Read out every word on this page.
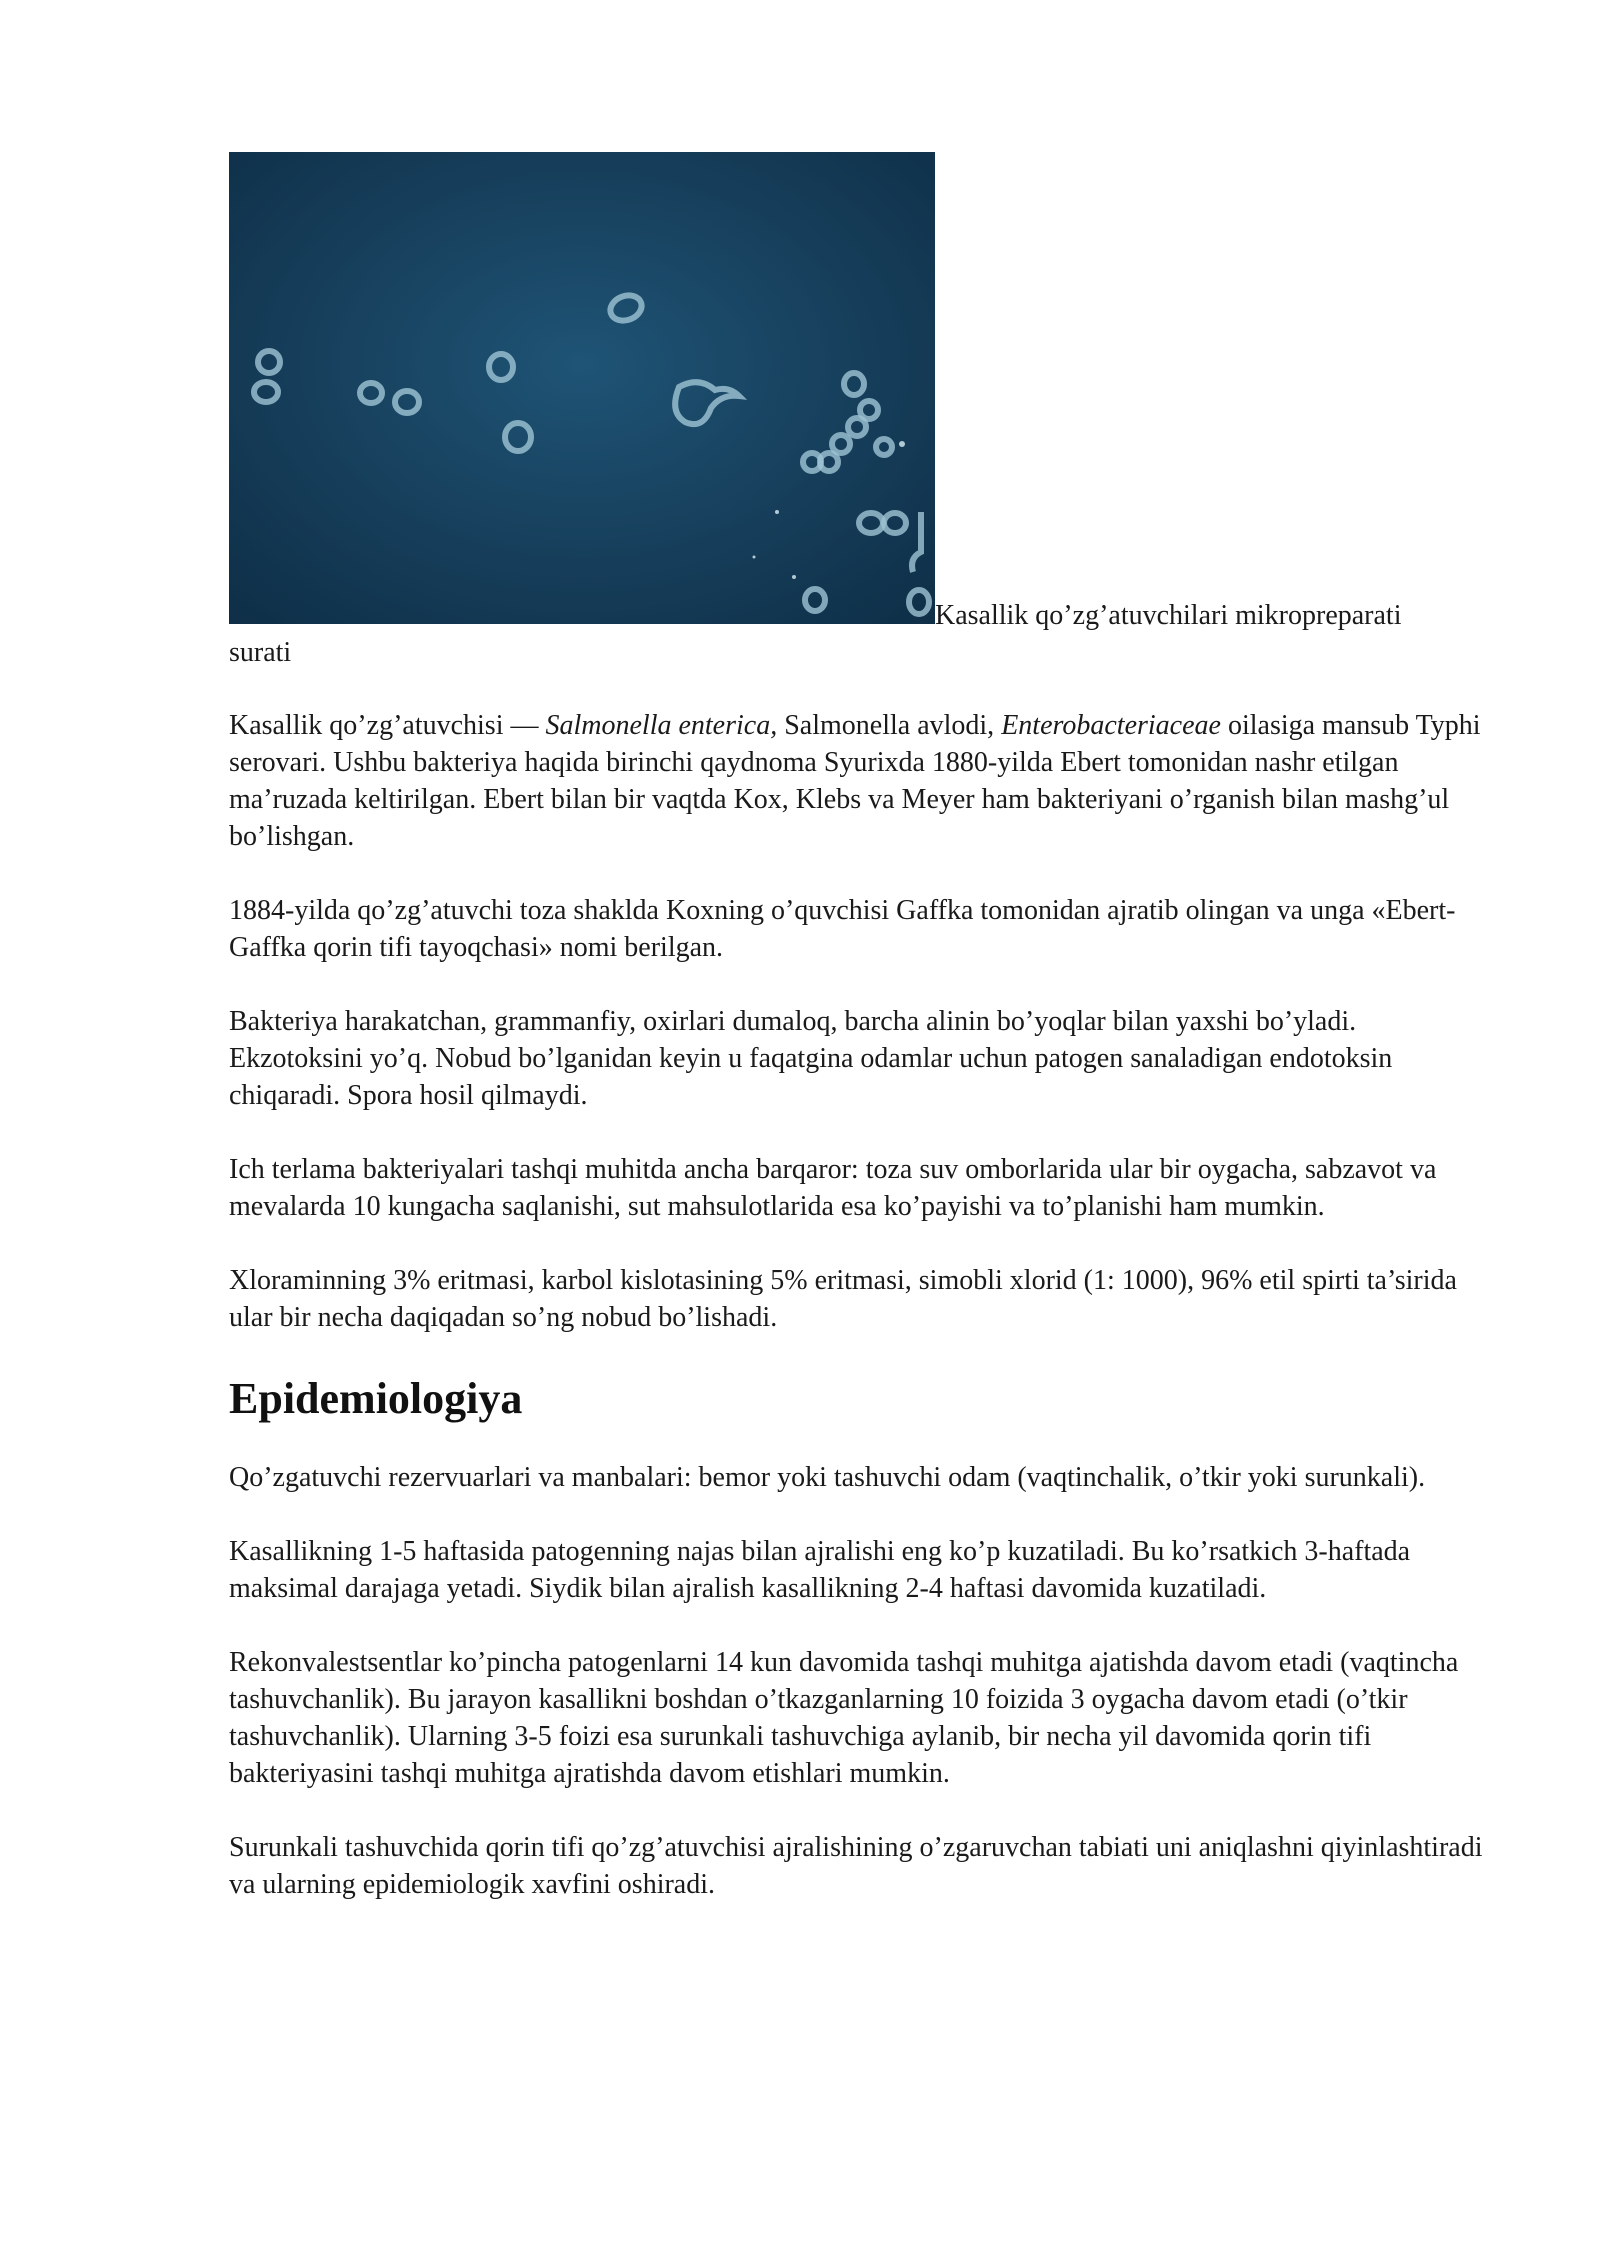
Kasallik qo’zg’atuvchilari mikropreparati
surati

Kasallik qo’zg’atuvchisi — Salmonella enterica, Salmonella avlodi, Enterobacteriaceae oilasiga mansub Typhi serovari. Ushbu bakteriya haqida birinchi qaydnoma Syurixda 1880-yilda Ebert tomonidan nashr etilgan ma’ruzada keltirilgan. Ebert bilan bir vaqtda Kox, Klebs va Meyer ham bakteriyani o’rganish bilan mashg’ul bo’lishgan.

1884-yilda qo’zg’atuvchi toza shaklda Koxning o’quvchisi Gaffka tomonidan ajratib olingan va unga «Ebert-Gaffka qorin tifi tayoqchasi» nomi berilgan.

Bakteriya harakatchan, grammanfiy, oxirlari dumaloq, barcha alinin bo’yoqlar bilan yaxshi bo’yladi. Ekzotoksini yo’q. Nobud bo’lganidan keyin u faqatgina odamlar uchun patogen sanaladigan endotoksin chiqaradi. Spora hosil qilmaydi.

Ich terlama bakteriyalari tashqi muhitda ancha barqaror: toza suv omborlarida ular bir oygacha, sabzavot va mevalarda 10 kungacha saqlanishi, sut mahsulotlarida esa ko’payishi va to’planishi ham mumkin.

Xloraminning 3% eritmasi, karbol kislotasining 5% eritmasi, simobli xlorid (1: 1000), 96% etil spirti ta’sirida ular bir necha daqiqadan so’ng nobud bo’lishadi.

Epidemiologiya

Qo’zgatuvchi rezervuarlari va manbalari: bemor yoki tashuvchi odam (vaqtinchalik, o’tkir yoki surunkali).

Kasallikning 1-5 haftasida patogenning najas bilan ajralishi eng ko’p kuzatiladi. Bu ko’rsatkich 3-haftada maksimal darajaga yetadi. Siydik bilan ajralish kasallikning 2-4 haftasi davomida kuzatiladi.

Rekonvalestsentlar ko’pincha patogenlarni 14 kun davomida tashqi muhitga ajatishda davom etadi (vaqtincha tashuvchanlik). Bu jarayon kasallikni boshdan o’tkazganlarning 10 foizida 3 oygacha davom etadi (o’tkir tashuvchanlik). Ularning 3-5 foizi esa surunkali tashuvchiga aylanib, bir necha yil davomida qorin tifi bakteriyasini tashqi muhitga ajratishda davom etishlari mumkin.

Surunkali tashuvchida qorin tifi qo’zg’atuvchisi ajralishining o’zgaruvchan tabiati uni aniqlashni qiyinlashtiradi va ularning epidemiologik xavfini oshiradi.
